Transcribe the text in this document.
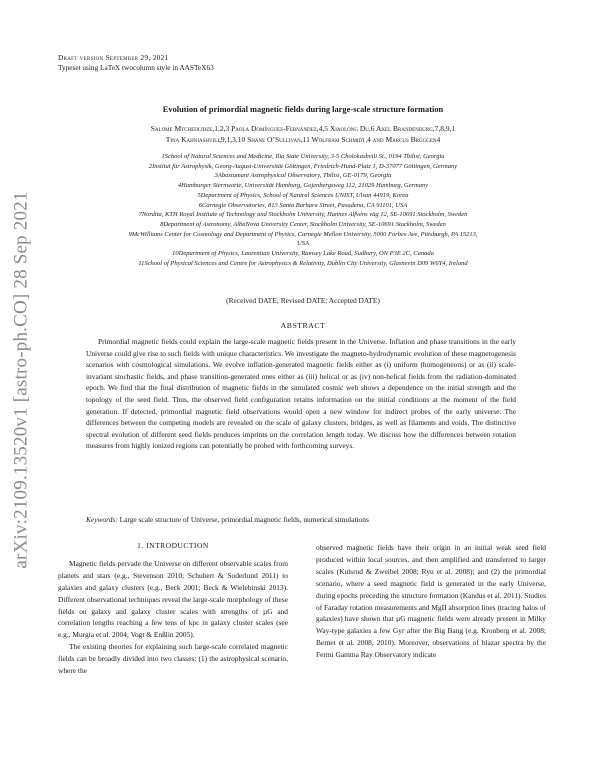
arXiv:2109.13520v1 [astro-ph.CO] 28 Sep 2021
Draft version September 29, 2021
Typeset using LaTeX twocolumn style in AASTeX63
Evolution of primordial magnetic fields during large-scale structure formation
Salome Mtchedlidze,1,2,3 Paola Domínguez-Fernández,4,5 Xiaolong Du,6 Axel Brandenburg,7,8,9,1
Tina Kahniashvili,9,1,3,10 Shane O’Sullivan,11 Wolfram Schmidt,4 and Marcus Brüggen4
1School of Natural Sciences and Medicine, Ilia State University, 3-5 Cholokashvili St., 0194 Tbilisi, Georgia
2Institut für Astrophysik, Georg-August-Universität Göttingen, Friedrich-Hund-Platz 1, D-37077 Göttingen, Germany
3Abastumani Astrophysical Observatory, Tbilisi, GE-0179, Georgia
4Hamburger Sternwarte, Universität Hamburg, Gojenbergsweg 112, 21029 Hamburg, Germany
5Department of Physics, School of Natural Sciences UNIST, Ulsan 44919, Korea
6Carnegie Observatories, 813 Santa Barbara Street, Pasadena, CA 91101, USA
7Nordita, KTH Royal Institute of Technology and Stockholm University, Hannes Alfvéns väg 12, SE-10691 Stockholm, Sweden
8Department of Astronomy, AlbaNova University Center, Stockholm University, SE-10691 Stockholm, Sweden
9McWilliams Center for Cosmology and Department of Physics, Carnegie Mellon University, 5000 Forbes Ave, Pittsburgh, PA 15213,
USA
10Department of Physics, Laurentian University, Ramsey Lake Road, Sudbury, ON P3E 2C, Canada
11School of Physical Sciences and Centre for Astrophysics & Relativity, Dublin City University, Glasnevin D09 W6Y4, Ireland
(Received DATE; Revised DATE; Accepted DATE)
ABSTRACT
Primordial magnetic fields could explain the large-scale magnetic fields present in the Universe. Inflation and phase transitions in the early Universe could give rise to such fields with unique characteristics. We investigate the magneto-hydrodynamic evolution of these magnetogenesis scenarios with cosmological simulations. We evolve inflation-generated magnetic fields either as (i) uniform (homogeneous) or as (ii) scale-invariant stochastic fields, and phase transition-generated ones either as (iii) helical or as (iv) non-helical fields from the radiation-dominated epoch. We find that the final distribution of magnetic fields in the simulated cosmic web shows a dependence on the initial strength and the topology of the seed field. Thus, the observed field configuration retains information on the initial conditions at the moment of the field generation. If detected, primordial magnetic field observations would open a new window for indirect probes of the early universe. The differences between the competing models are revealed on the scale of galaxy clusters, bridges, as well as filaments and voids. The distinctive spectral evolution of different seed fields produces imprints on the correlation length today. We discuss how the differences between rotation measures from highly ionized regions can potentially be probed with forthcoming surveys.
Keywords: Large scale structure of Universe, primordial magnetic fields, numerical simulations
1. INTRODUCTION

Magnetic fields pervade the Universe on different observable scales from planets and stars (e.g., Stevenson 2010; Schubert & Soderlund 2011) to galaxies and galaxy clusters (e.g., Beck 2001; Beck & Wielebinski 2013). Different observational techniques reveal the large-scale morphology of these fields on galaxy and galaxy cluster scales with strengths of µG and correlation lengths reaching a few tens of kpc in galaxy cluster scales (see e.g., Murgia et al. 2004; Vogt & Enßlin 2005).

The existing theories for explaining such large-scale correlated magnetic fields can be broadly divided into two classes: (1) the astrophysical scenario, where the

observed magnetic fields have their origin in an initial weak seed field produced within local sources, and then amplified and transferred to larger scales (Kulsrud & Zweibel 2008; Ryu et al. 2008); and (2) the primordial scenario, where a seed magnetic field is generated in the early Universe, during epochs preceding the structure formation (Kandus et al. 2011). Studies of Faraday rotation measurements and MgII absorption lines (tracing halos of galaxies) have shown that µG magnetic fields were already present in Milky Way-type galaxies a few Gyr after the Big Bang (e.g. Kronberg et al. 2008; Bernet et al. 2008, 2010). Moreover, observations of blazar spectra by the Fermi Gamma Ray Observatory indicate
